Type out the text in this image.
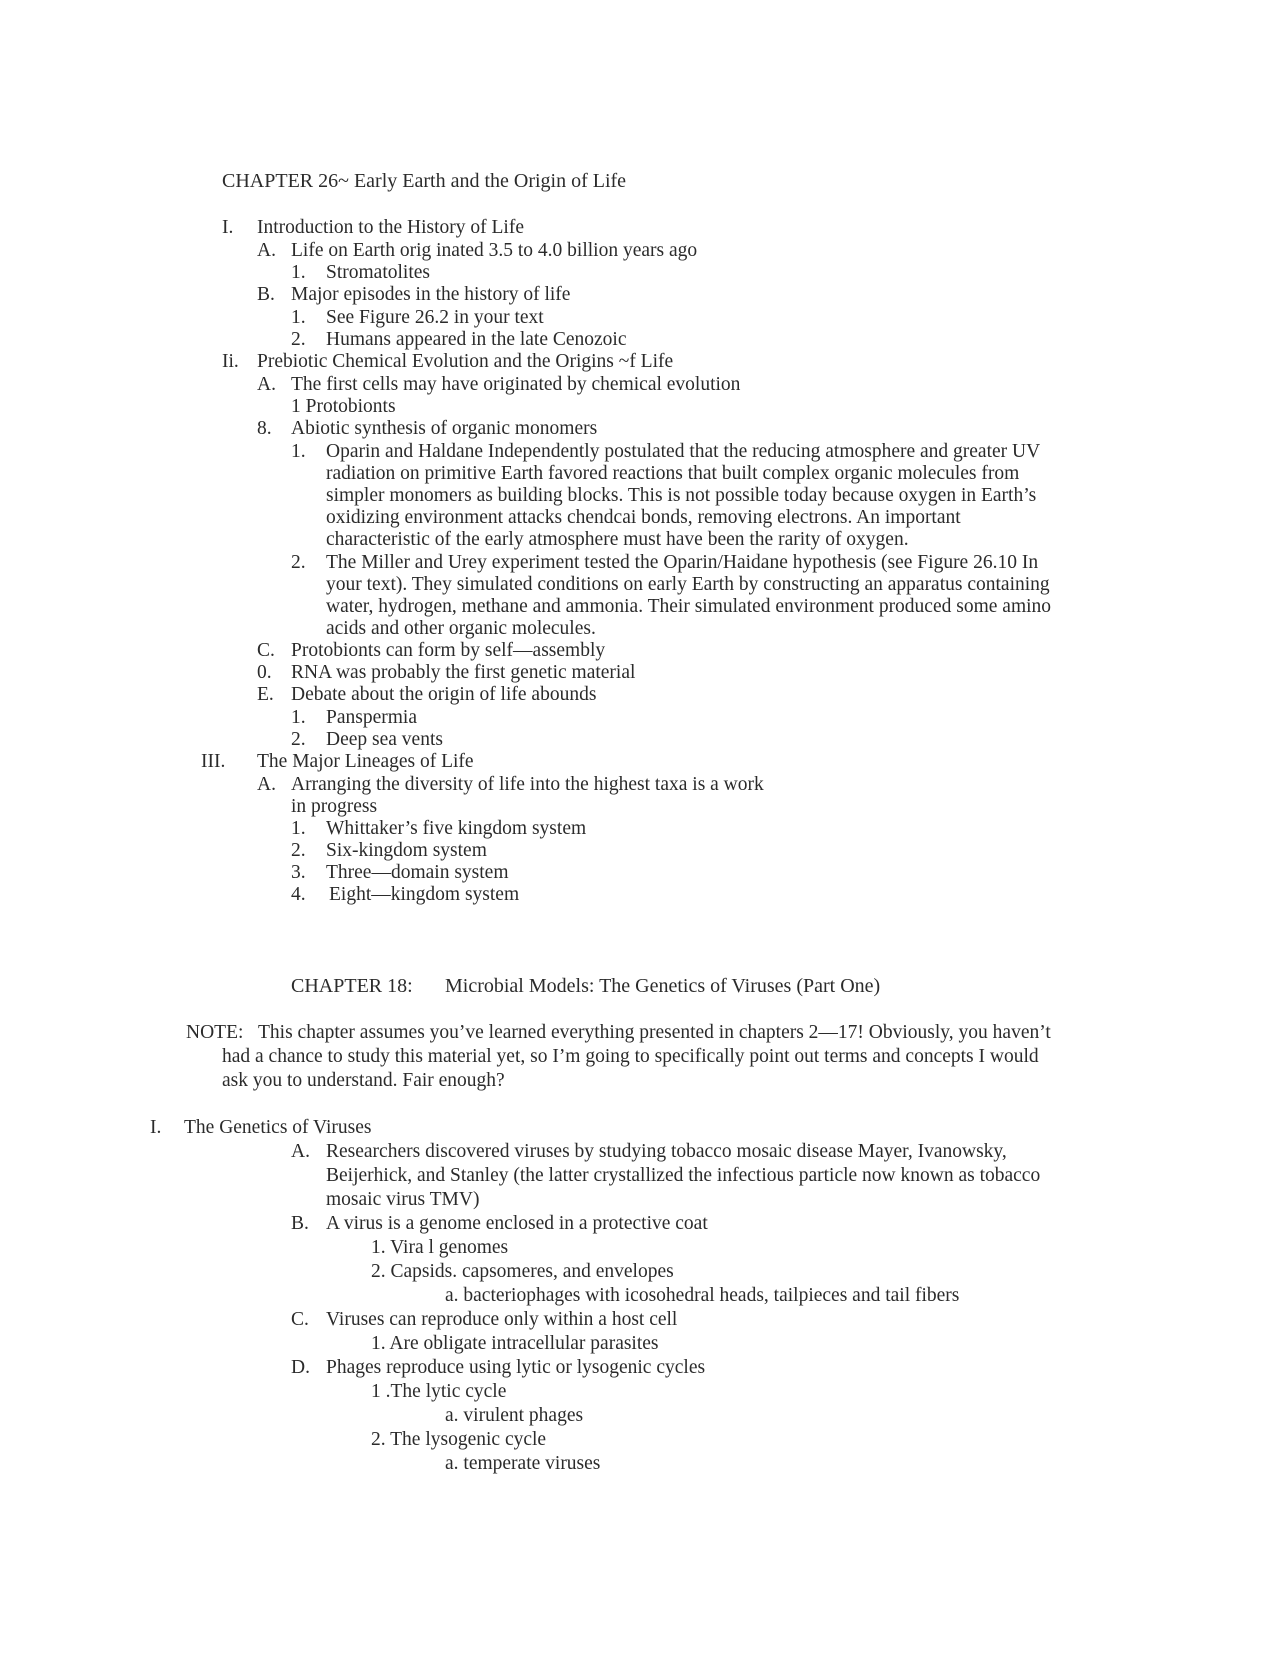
CHAPTER 26~ Early Earth and the Origin of Life
I. Introduction to the History of Life
A. Life on Earth orig inated 3.5 to 4.0 billion years ago
1. Stromatolites
B. Major episodes in the history of life
1. See Figure 26.2 in your text
2. Humans appeared in the late Cenozoic
Ii. Prebiotic Chemical Evolution and the Origins ~f Life
A. The first cells may have originated by chemical evolution
1 Protobionts
8. Abiotic synthesis of organic monomers
1. Oparin and Haldane Independently postulated that the reducing atmosphere and greater UV
radiation on primitive Earth favored reactions that built complex organic molecules from
simpler monomers as building blocks. This is not possible today because oxygen in Earth’s
oxidizing environment attacks chendcai bonds, removing electrons. An important
characteristic of the early atmosphere must have been the rarity of oxygen.
2. The Miller and Urey experiment tested the Oparin/Haidane hypothesis (see Figure 26.10 In
your text). They simulated conditions on early Earth by constructing an apparatus containing
water, hydrogen, methane and ammonia. Their simulated environment produced some amino
acids and other organic molecules.
C. Protobionts can form by self—assembly
0. RNA was probably the first genetic material
E. Debate about the origin of life abounds
1. Panspermia
2. Deep sea vents
III. The Major Lineages of Life
A. Arranging the diversity of life into the highest taxa is a work
in progress
1. Whittaker’s five kingdom system
2. Six-kingdom system
3. Three—domain system
4. Eight—kingdom system
CHAPTER 18: Microbial Models: The Genetics of Viruses (Part One)
NOTE: This chapter assumes you’ve learned everything presented in chapters 2—17! Obviously, you haven’t
had a chance to study this material yet, so I’m going to specifically point out terms and concepts I would
ask you to understand. Fair enough?
I. The Genetics of Viruses
A. Researchers discovered viruses by studying tobacco mosaic disease Mayer, Ivanowsky,
Beijerhick, and Stanley (the latter crystallized the infectious particle now known as tobacco
mosaic virus TMV)
B. A virus is a genome enclosed in a protective coat
1. Vira l genomes
2. Capsids. capsomeres, and envelopes
a. bacteriophages with icosohedral heads, tailpieces and tail fibers
C. Viruses can reproduce only within a host cell
1. Are obligate intracellular parasites
D. Phages reproduce using lytic or lysogenic cycles
1 .The lytic cycle
a. virulent phages
2. The lysogenic cycle
a. temperate viruses
